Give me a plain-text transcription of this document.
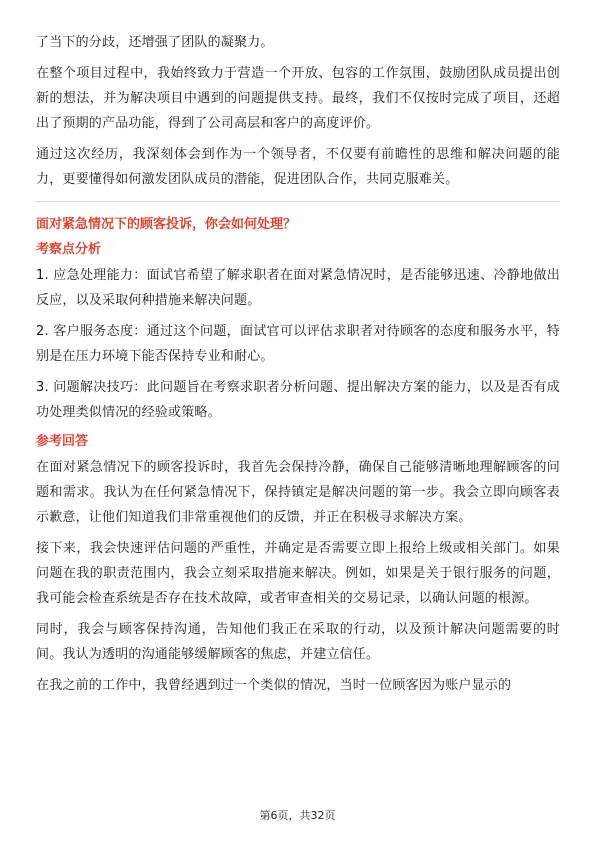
了当下的分歧，还增强了团队的凝聚力。

在整个项目过程中，我始终致力于营造一个开放、包容的工作氛围，鼓励团队成员提出创新的想法，并为解决项目中遇到的问题提供支持。最终，我们不仅按时完成了项目，还超出了预期的产品功能，得到了公司高层和客户的高度评价。

通过这次经历，我深刻体会到作为一个领导者，不仅要有前瞻性的思维和解决问题的能力，更要懂得如何激发团队成员的潜能，促进团队合作，共同克服难关。

面对紧急情况下的顾客投诉，你会如何处理？
考察点分析

1. 应急处理能力：面试官希望了解求职者在面对紧急情况时，是否能够迅速、冷静地做出反应，以及采取何种措施来解决问题。

2. 客户服务态度：通过这个问题，面试官可以评估求职者对待顾客的态度和服务水平，特别是在压力环境下能否保持专业和耐心。

3. 问题解决技巧：此问题旨在考察求职者分析问题、提出解决方案的能力，以及是否有成功处理类似情况的经验或策略。

参考回答

在面对紧急情况下的顾客投诉时，我首先会保持冷静，确保自己能够清晰地理解顾客的问题和需求。我认为在任何紧急情况下，保持镇定是解决问题的第一步。我会立即向顾客表示歉意，让他们知道我们非常重视他们的反馈，并正在积极寻求解决方案。

接下来，我会快速评估问题的严重性，并确定是否需要立即上报给上级或相关部门。如果问题在我的职责范围内，我会立刻采取措施来解决。例如，如果是关于银行服务的问题，我可能会检查系统是否存在技术故障，或者审查相关的交易记录，以确认问题的根源。

同时，我会与顾客保持沟通，告知他们我正在采取的行动，以及预计解决问题需要的时间。我认为透明的沟通能够缓解顾客的焦虑，并建立信任。

在我之前的工作中，我曾经遇到过一个类似的情况，当时一位顾客因为账户显示的

第6页，共32页
